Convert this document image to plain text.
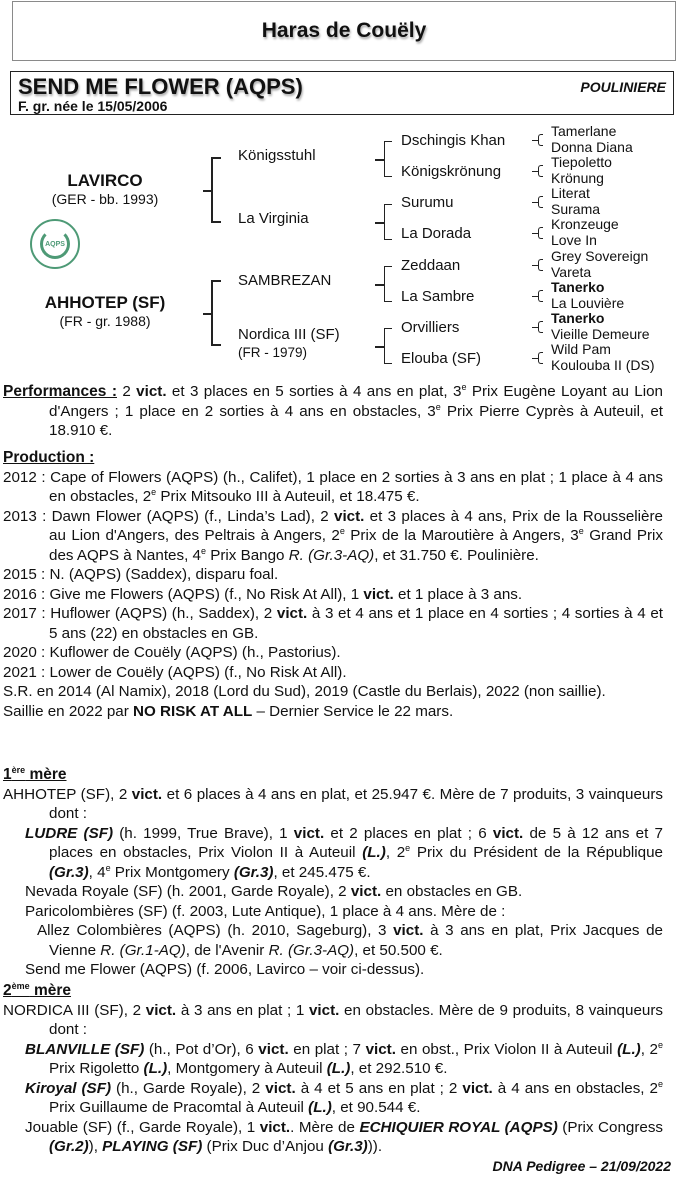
Haras de Couëly
SEND ME FLOWER (AQPS)	POULINIERE
F. gr. née le 15/05/2006
LAVIRCO
(GER - bb. 1993)
AQPS
AHHOTEP (SF)
(FR - gr. 1988)
Königsstuhl
La Virginia
SAMBREZAN
Nordica III (SF)
(FR - 1979)
Dschingis Khan
Königskrönung
Surumu
La Dorada
Zeddaan
La Sambre
Orvilliers
Elouba (SF)
Tamerlane
Donna Diana
Tiepoletto
Krönung
Literat
Surama
Kronzeuge
Love In
Grey Sovereign
Vareta
Tanerko
La Louvière
Tanerko
Vieille Demeure
Wild Pam
Koulouba II (DS)

Performances : 2 vict. et 3 places en 5 sorties à 4 ans en plat, 3e Prix Eugène Loyant au Lion d'Angers ; 1 place en 2 sorties à 4 ans en obstacles, 3e Prix Pierre Cyprès à Auteuil, et 18.910 €.

Production :

2012 : Cape of Flowers (AQPS) (h., Califet), 1 place en 2 sorties à 3 ans en plat ; 1 place à 4 ans en obstacles, 2e Prix Mitsouko III à Auteuil, et 18.475 €.

2013 : Dawn Flower (AQPS) (f., Linda’s Lad), 2 vict. et 3 places à 4 ans, Prix de la Rousselière au Lion d'Angers, des Peltrais à Angers, 2e Prix de la Maroutière à Angers, 3e Grand Prix des AQPS à Nantes, 4e Prix Bango R. (Gr.3-AQ), et 31.750 €. Poulinière.

2015 : N. (AQPS) (Saddex), disparu foal.

2016 : Give me Flowers (AQPS) (f., No Risk At All), 1 vict. et 1 place à 3 ans.

2017 : Huflower (AQPS) (h., Saddex), 2 vict. à 3 et 4 ans et 1 place en 4 sorties ; 4 sorties à 4 et 5 ans (22) en obstacles en GB.

2020 : Kuflower de Couëly (AQPS) (h., Pastorius).

2021 : Lower de Couëly (AQPS) (f., No Risk At All).

S.R. en 2014 (Al Namix), 2018 (Lord du Sud), 2019 (Castle du Berlais), 2022 (non saillie).

Saillie en 2022 par NO RISK AT ALL – Dernier Service le 22 mars.

1ère mère

AHHOTEP (SF), 2 vict. et 6 places à 4 ans en plat, et 25.947 €. Mère de 7 produits, 3 vainqueurs dont :

LUDRE (SF) (h. 1999, True Brave), 1 vict. et 2 places en plat ; 6 vict. de 5 à 12 ans et 7 places en obstacles, Prix Violon II à Auteuil (L.), 2e Prix du Président de la République (Gr.3), 4e Prix Montgomery (Gr.3), et 245.475 €.

Nevada Royale (SF) (h. 2001, Garde Royale), 2 vict. en obstacles en GB.

Paricolombières (SF) (f. 2003, Lute Antique), 1 place à 4 ans. Mère de :

Allez Colombières (AQPS) (h. 2010, Sageburg), 3 vict. à 3 ans en plat, Prix Jacques de Vienne R. (Gr.1-AQ), de l'Avenir R. (Gr.3-AQ), et 50.500 €.

Send me Flower (AQPS) (f. 2006, Lavirco – voir ci-dessus).

2ème mère

NORDICA III (SF), 2 vict. à 3 ans en plat ; 1 vict. en obstacles. Mère de 9 produits, 8 vainqueurs dont :

BLANVILLE (SF) (h., Pot d’Or), 6 vict. en plat ; 7 vict. en obst., Prix Violon II à Auteuil (L.), 2e Prix Rigoletto (L.), Montgomery à Auteuil (L.), et 292.510 €.

Kiroyal (SF) (h., Garde Royale), 2 vict. à 4 et 5 ans en plat ; 2 vict. à 4 ans en obstacles, 2e Prix Guillaume de Pracomtal à Auteuil (L.), et 90.544 €.

Jouable (SF) (f., Garde Royale), 1 vict.. Mère de ECHIQUIER ROYAL (AQPS) (Prix Congress (Gr.2)), PLAYING (SF) (Prix Duc d’Anjou (Gr.3))).

DNA Pedigree – 21/09/2022
